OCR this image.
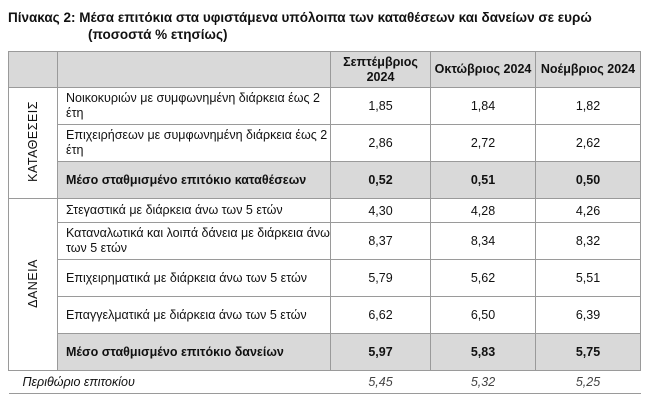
Πίνακας 2: Μέσα επιτόκια στα υφιστάμενα υπόλοιπα των καταθέσεων και δανείων σε ευρώ
(ποσοστά % ετησίως)
		Σεπτέμβριος 2024	Οκτώβριος 2024	Νοέμβριος 2024
ΚΑΤΑΘΕΣΕΙΣ	Νοικοκυριών με συμφωνημένη διάρκεια έως 2 έτη	1,85	1,84	1,82
	Επιχειρήσεων με συμφωνημένη διάρκεια έως 2 έτη	2,86	2,72	2,62
	Μέσο σταθμισμένο επιτόκιο καταθέσεων	0,52	0,51	0,50
ΔΑΝΕΙΑ	Στεγαστικά με διάρκεια άνω των 5 ετών	4,30	4,28	4,26
	Καταναλωτικά και λοιπά δάνεια με διάρκεια άνω των 5 ετών	8,37	8,34	8,32
	Επιχειρηματικά με διάρκεια άνω των 5 ετών	5,79	5,62	5,51
	Επαγγελματικά με διάρκεια άνω των 5 ετών	6,62	6,50	6,39
	Μέσο σταθμισμένο επιτόκιο δανείων	5,97	5,83	5,75
Περιθώριο επιτοκίου		5,45	5,32	5,25
